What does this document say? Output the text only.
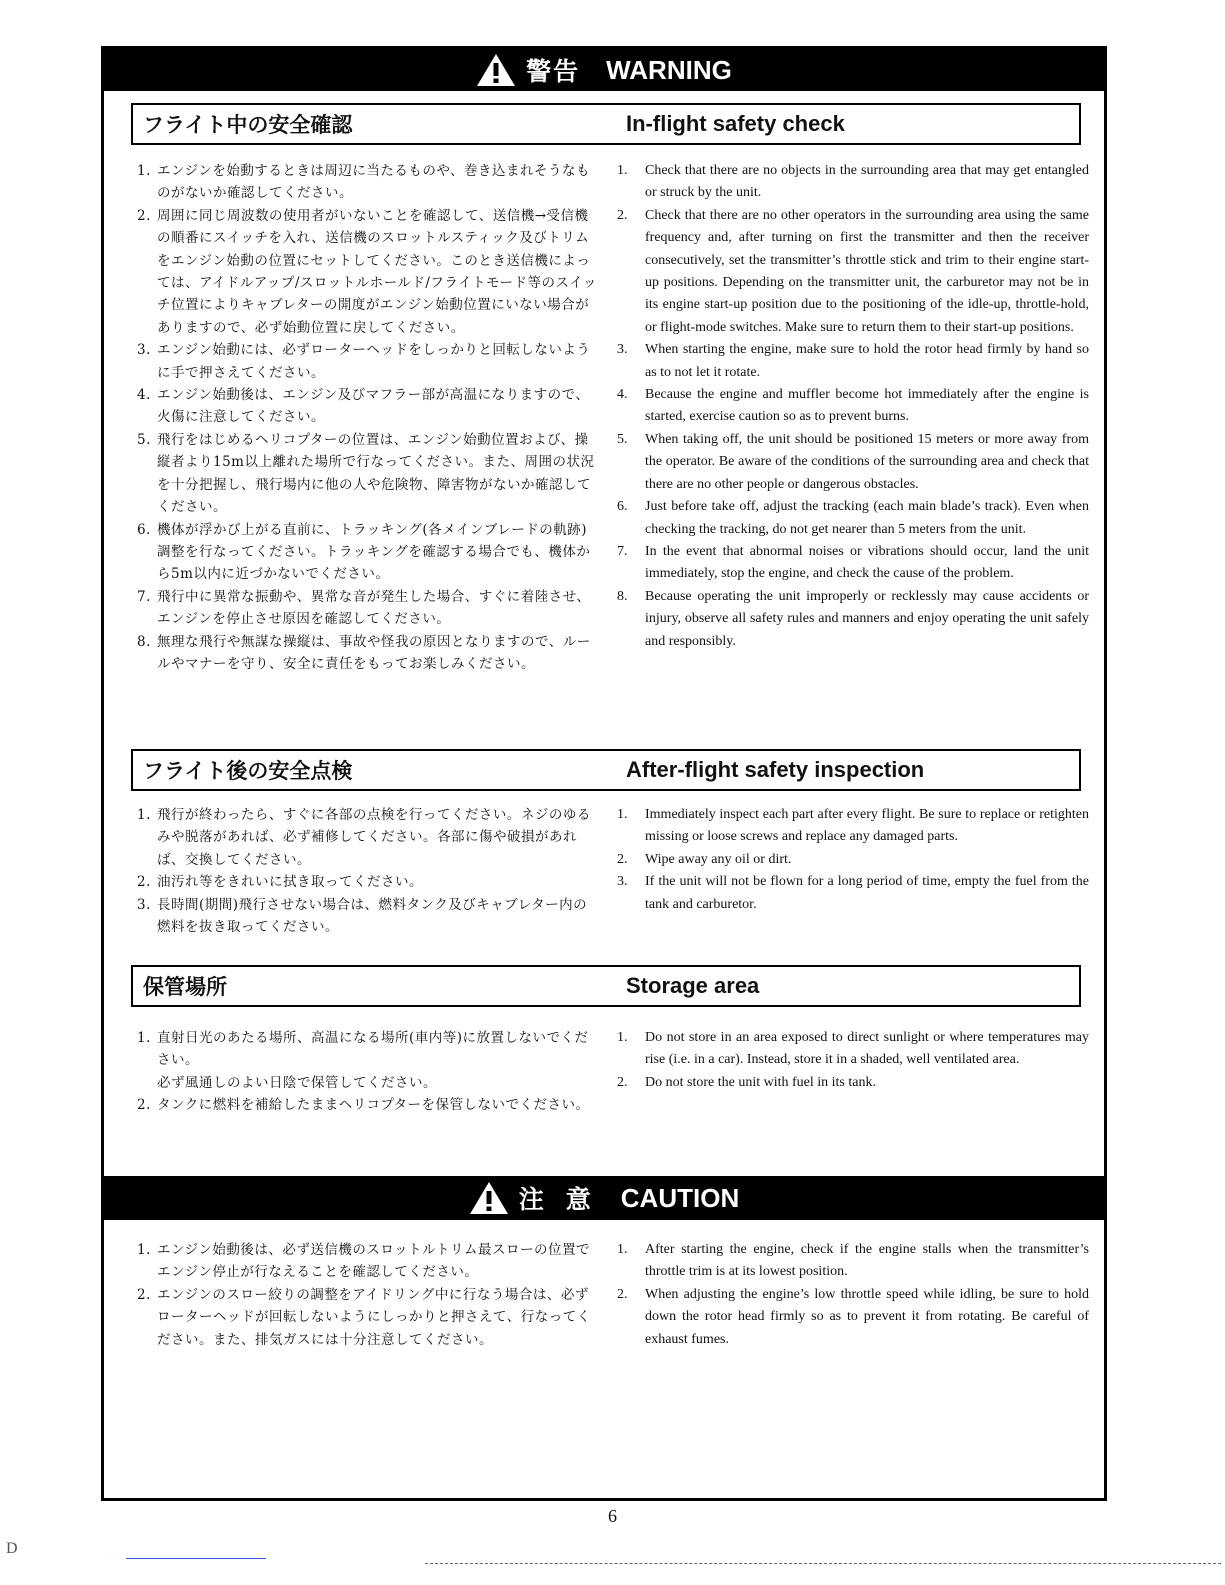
警告 WARNING
フライト中の安全確認	In-flight safety check
1. エンジンを始動するときは周辺に当たるものや、巻き込まれそうなものがないか確認してください。
2. 周囲に同じ周波数の使用者がいないことを確認して、送信機→受信機の順番にスイッチを入れ、送信機のスロットルスティック及びトリムをエンジン始動の位置にセットしてください。このとき送信機によっては、アイドルアップ/スロットルホールド/フライトモード等のスイッチ位置によりキャブレターの開度がエンジン始動位置にいない場合がありますので、必ず始動位置に戻してください。
3. エンジン始動には、必ずローターヘッドをしっかりと回転しないように手で押さえてください。
4. エンジン始動後は、エンジン及びマフラー部が高温になりますので、火傷に注意してください。
5. 飛行をはじめるヘリコプターの位置は、エンジン始動位置および、操縦者より15m以上離れた場所で行なってください。また、周囲の状況を十分把握し、飛行場内に他の人や危険物、障害物がないか確認してください。
6. 機体が浮かび上がる直前に、トラッキング(各メインブレードの軌跡)調整を行なってください。トラッキングを確認する場合でも、機体から5m以内に近づかないでください。
7. 飛行中に異常な振動や、異常な音が発生した場合、すぐに着陸させ、エンジンを停止させ原因を確認してください。
8. 無理な飛行や無謀な操縦は、事故や怪我の原因となりますので、ルールやマナーを守り、安全に責任をもってお楽しみください。
1.	Check that there are no objects in the surrounding area that may get entangled or struck by the unit.
2.	Check that there are no other operators in the surrounding area using the same frequency and, after turning on first the transmitter and then the receiver consecutively, set the transmitter’s throttle stick and trim to their engine start-up positions. Depending on the transmitter unit, the carburetor may not be in its engine start-up position due to the positioning of the idle-up, throttle-hold, or flight-mode switches. Make sure to return them to their start-up positions.
3.	When starting the engine, make sure to hold the rotor head firmly by hand so as to not let it rotate.
4.	Because the engine and muffler become hot immediately after the engine is started, exercise caution so as to prevent burns.
5.	When taking off, the unit should be positioned 15 meters or more away from the operator. Be aware of the conditions of the surrounding area and check that there are no other people or dangerous obstacles.
6.	Just before take off, adjust the tracking (each main blade’s track). Even when checking the tracking, do not get nearer than 5 meters from the unit.
7.	In the event that abnormal noises or vibrations should occur, land the unit immediately, stop the engine, and check the cause of the problem.
8.	Because operating the unit improperly or recklessly may cause accidents or injury, observe all safety rules and manners and enjoy operating the unit safely and responsibly.
フライト後の安全点検	After-flight safety inspection
1. 飛行が終わったら、すぐに各部の点検を行ってください。ネジのゆるみや脱落があれば、必ず補修してください。各部に傷や破損があれば、交換してください。
2. 油汚れ等をきれいに拭き取ってください。
3. 長時間(期間)飛行させない場合は、燃料タンク及びキャブレター内の燃料を抜き取ってください。
1.	Immediately inspect each part after every flight. Be sure to replace or retighten missing or loose screws and replace any damaged parts.
2.	Wipe away any oil or dirt.
3.	If the unit will not be flown for a long period of time, empty the fuel from the tank and carburetor.
保管場所	Storage area
1. 直射日光のあたる場所、高温になる場所(車内等)に放置しないでください。
必ず風通しのよい日陰で保管してください。
2. タンクに燃料を補給したままヘリコプターを保管しないでください。
1.	Do not store in an area exposed to direct sunlight or where temperatures may rise (i.e. in a car). Instead, store it in a shaded, well ventilated area.
2.	Do not store the unit with fuel in its tank.
注意 CAUTION
1. エンジン始動後は、必ず送信機のスロットルトリム最スローの位置でエンジン停止が行なえることを確認してください。
2. エンジンのスロー絞りの調整をアイドリング中に行なう場合は、必ずローターヘッドが回転しないようにしっかりと押さえて、行なってください。また、排気ガスには十分注意してください。
1.	After starting the engine, check if the engine stalls when the transmitter’s throttle trim is at its lowest position.
2.	When adjusting the engine’s low throttle speed while idling, be sure to hold down the rotor head firmly so as to prevent it from rotating. Be careful of exhaust fumes.
6
D
